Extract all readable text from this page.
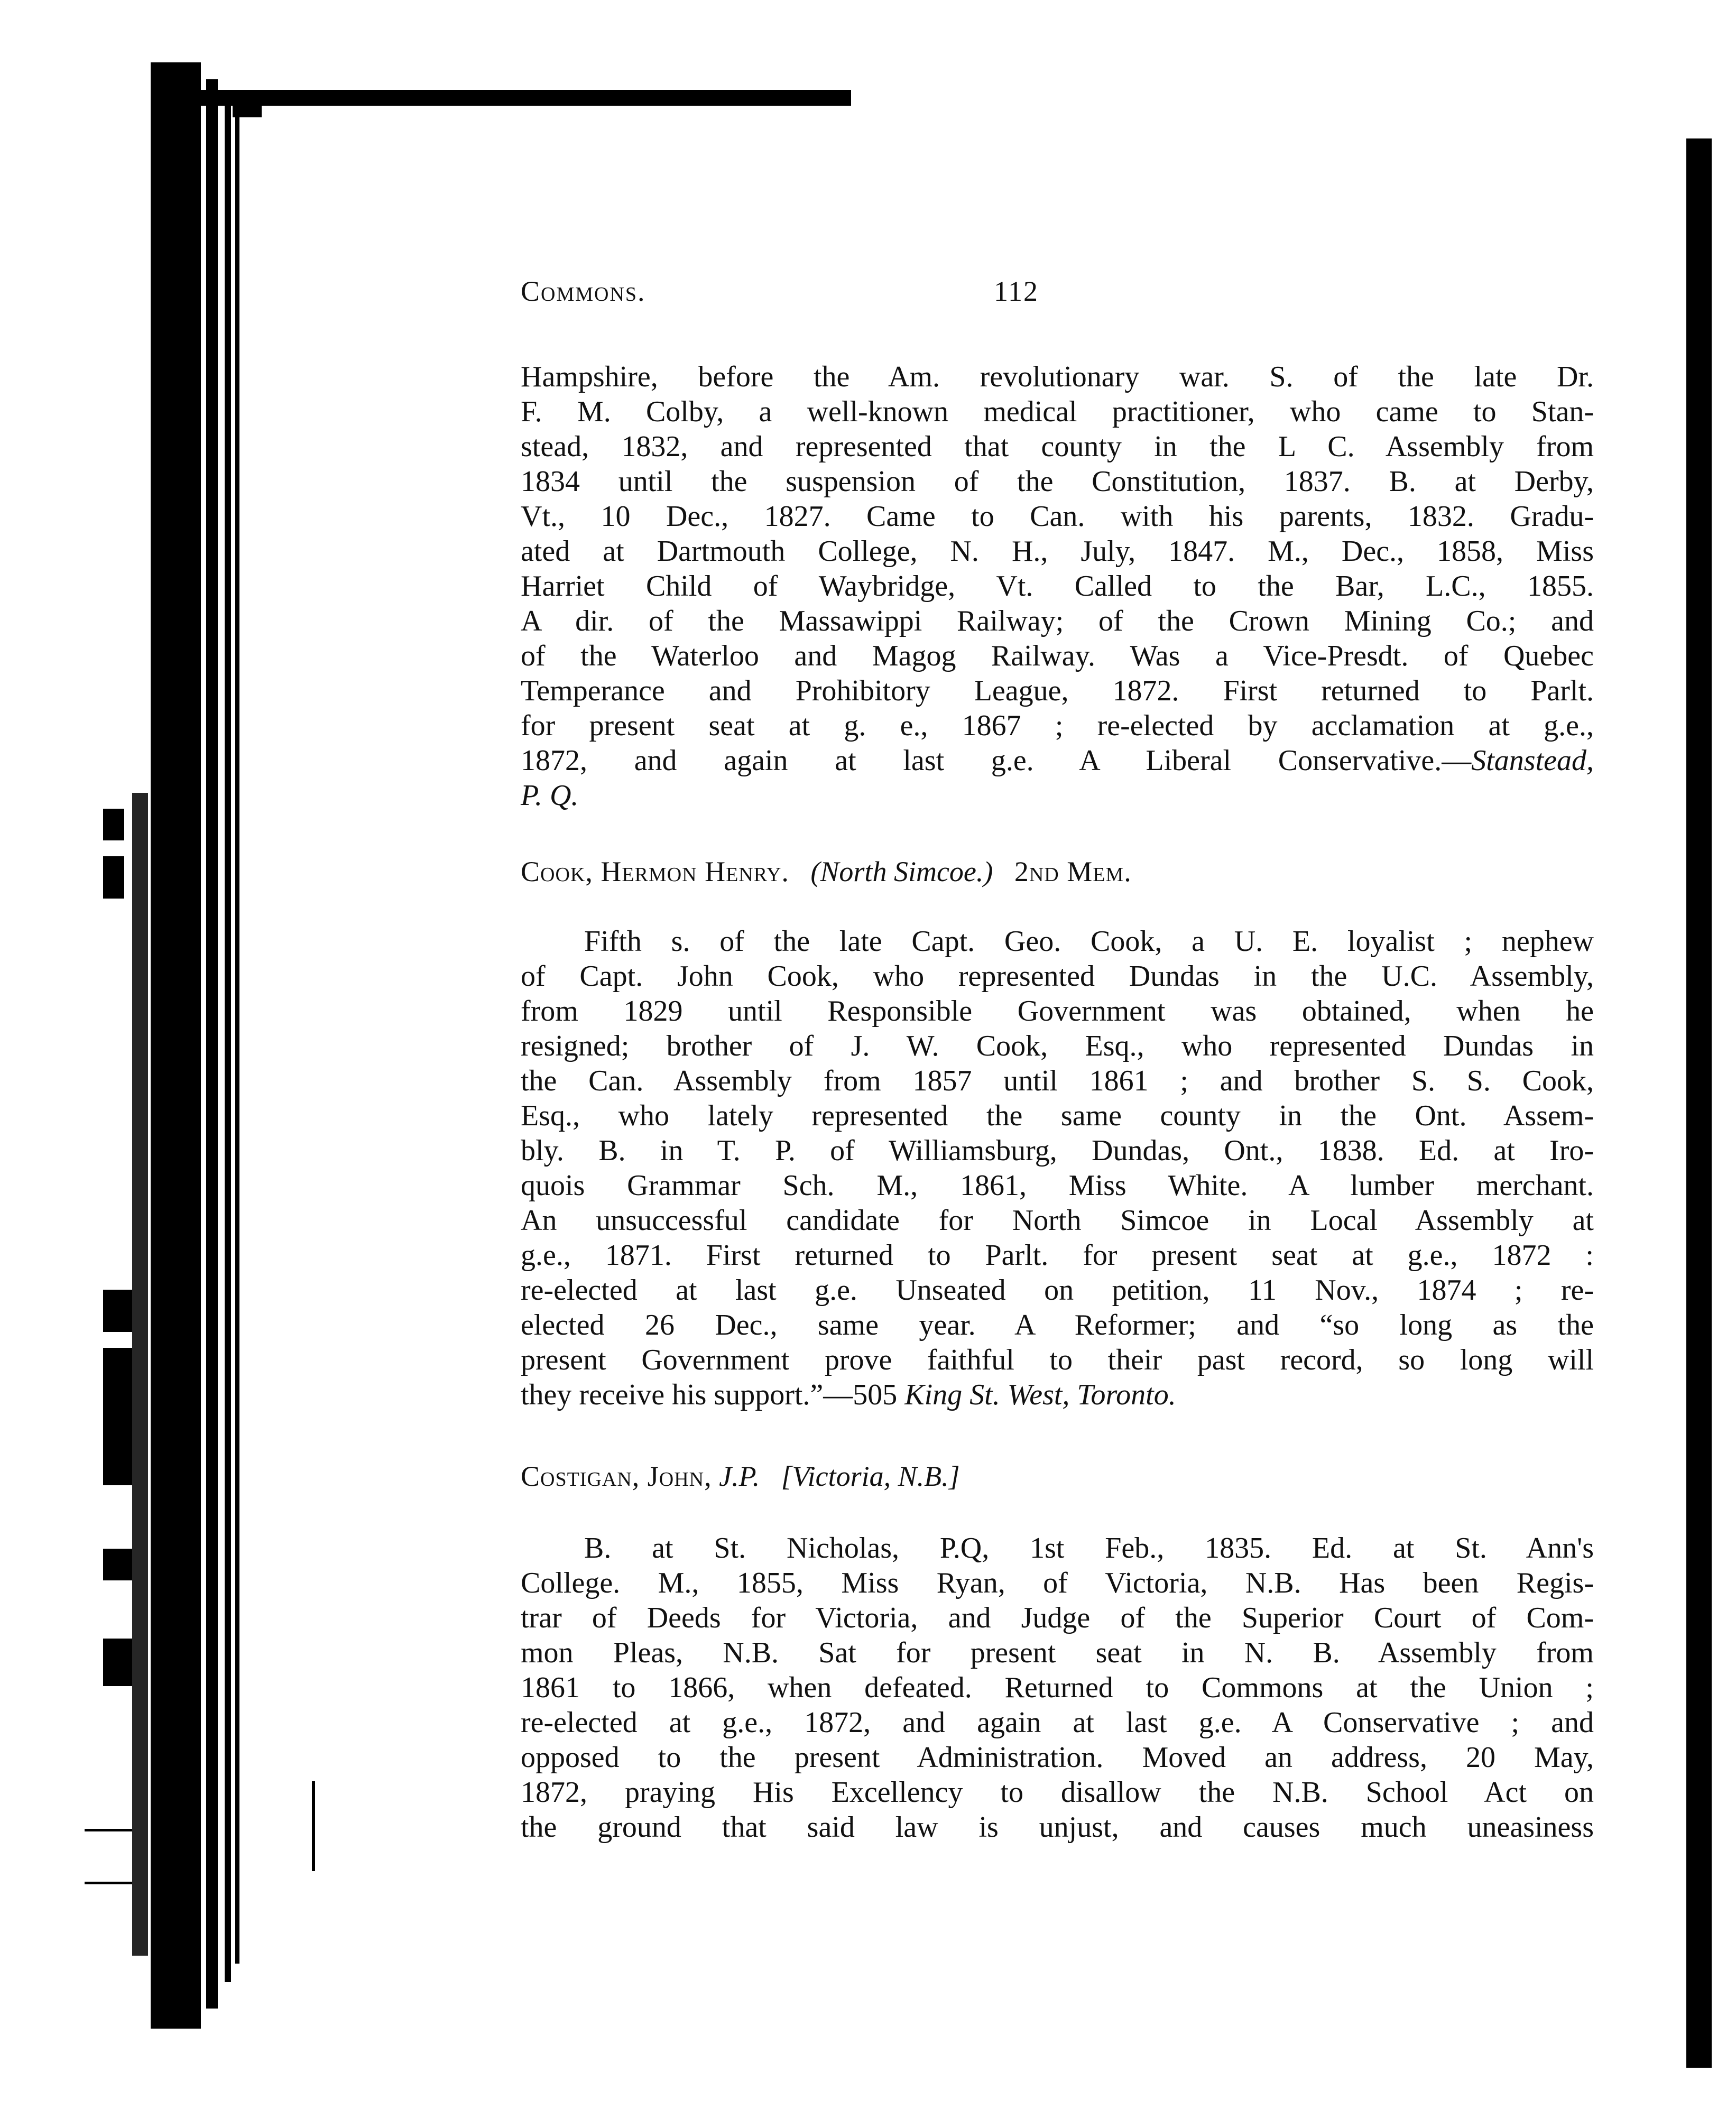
Commons.	112
Hampshire, before the Am. revolutionary war. S. of the late Dr.
F. M. Colby, a well-known medical practitioner, who came to Stan-
stead, 1832, and represented that county in the L C. Assembly from
1834 until the suspension of the Constitution, 1837. B. at Derby,
Vt., 10 Dec., 1827. Came to Can. with his parents, 1832. Gradu-
ated at Dartmouth College, N. H., July, 1847. M., Dec., 1858, Miss
Harriet Child of Waybridge, Vt. Called to the Bar, L.C., 1855.
A dir. of the Massawippi Railway; of the Crown Mining Co.; and
of the Waterloo and Magog Railway. Was a Vice-Presdt. of Quebec
Temperance and Prohibitory League, 1872. First returned to Parlt.
for present seat at g. e., 1867 ; re-elected by acclamation at g.e.,
1872, and again at last g.e. A Liberal Conservative.—Stanstead,
P. Q.

Cook, Hermon Henry. (North Simcoe.) 2nd Mem.

Fifth s. of the late Capt. Geo. Cook, a U. E. loyalist ; nephew
of Capt. John Cook, who represented Dundas in the U.C. Assembly,
from 1829 until Responsible Government was obtained, when he
resigned; brother of J. W. Cook, Esq., who represented Dundas in
the Can. Assembly from 1857 until 1861 ; and brother S. S. Cook,
Esq., who lately represented the same county in the Ont. Assem-
bly. B. in T. P. of Williamsburg, Dundas, Ont., 1838. Ed. at Iro-
quois Grammar Sch. M., 1861, Miss White. A lumber merchant.
An unsuccessful candidate for North Simcoe in Local Assembly at
g.e., 1871. First returned to Parlt. for present seat at g.e., 1872 :
re-elected at last g.e. Unseated on petition, 11 Nov., 1874 ; re-
elected 26 Dec., same year. A Reformer; and “so long as the
present Government prove faithful to their past record, so long will
they receive his support.”—505 King St. West, Toronto.

Costigan, John, J.P. [Victoria, N.B.]

B. at St. Nicholas, P.Q, 1st Feb., 1835. Ed. at St. Ann's
College. M., 1855, Miss Ryan, of Victoria, N.B. Has been Regis-
trar of Deeds for Victoria, and Judge of the Superior Court of Com-
mon Pleas, N.B. Sat for present seat in N. B. Assembly from
1861 to 1866, when defeated. Returned to Commons at the Union ;
re-elected at g.e., 1872, and again at last g.e. A Conservative ; and
opposed to the present Administration. Moved an address, 20 May,
1872, praying His Excellency to disallow the N.B. School Act on
the ground that said law is unjust, and causes much uneasiness
